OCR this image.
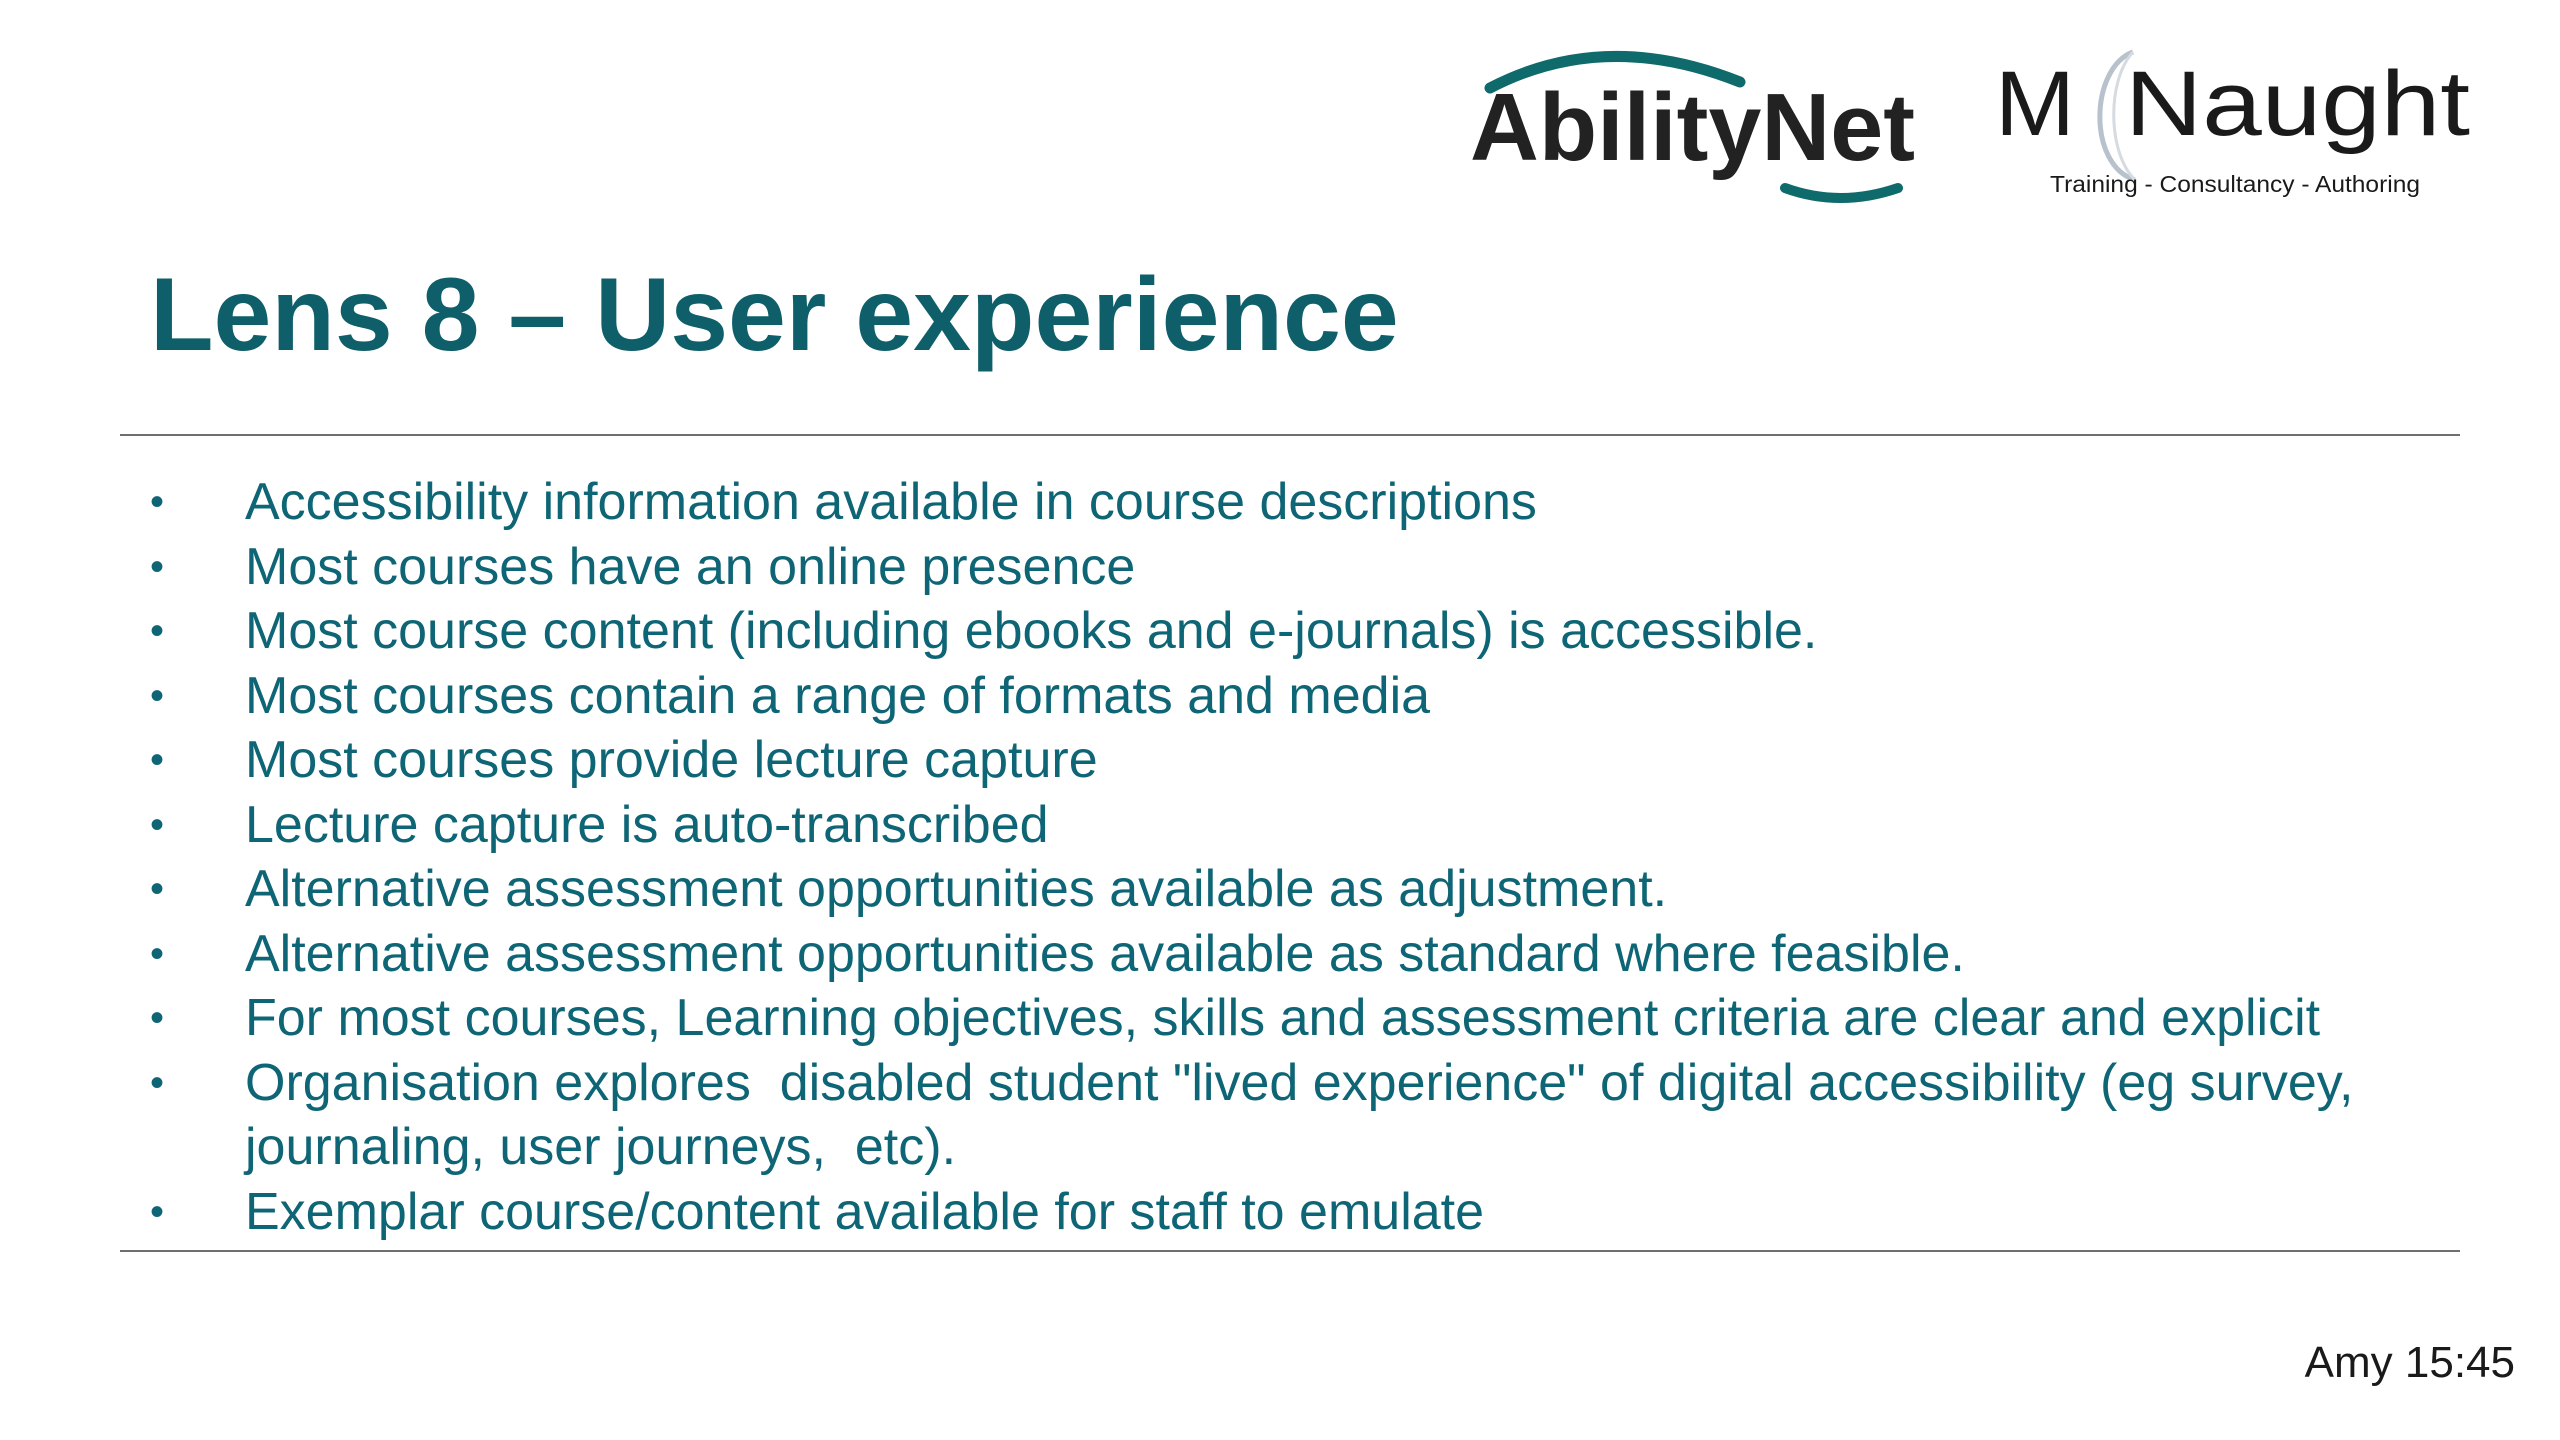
AbilityNet M Naught
Training - Consultancy - Authoring
Lens 8 – User experience
•	Accessibility information available in course descriptions
•	Most courses have an online presence
•	Most course content (including ebooks and e-journals) is accessible.
•	Most courses contain a range of formats and media
•	Most courses provide lecture capture
•	Lecture capture is auto-transcribed
•	Alternative assessment opportunities available as adjustment.
•	Alternative assessment opportunities available as standard where feasible.
•	For most courses, Learning objectives, skills and assessment criteria are clear and explicit
•	Organisation explores  disabled student "lived experience" of digital accessibility (eg survey, journaling, user journeys,  etc).
•	Exemplar course/content available for staff to emulate
Amy 15:45
